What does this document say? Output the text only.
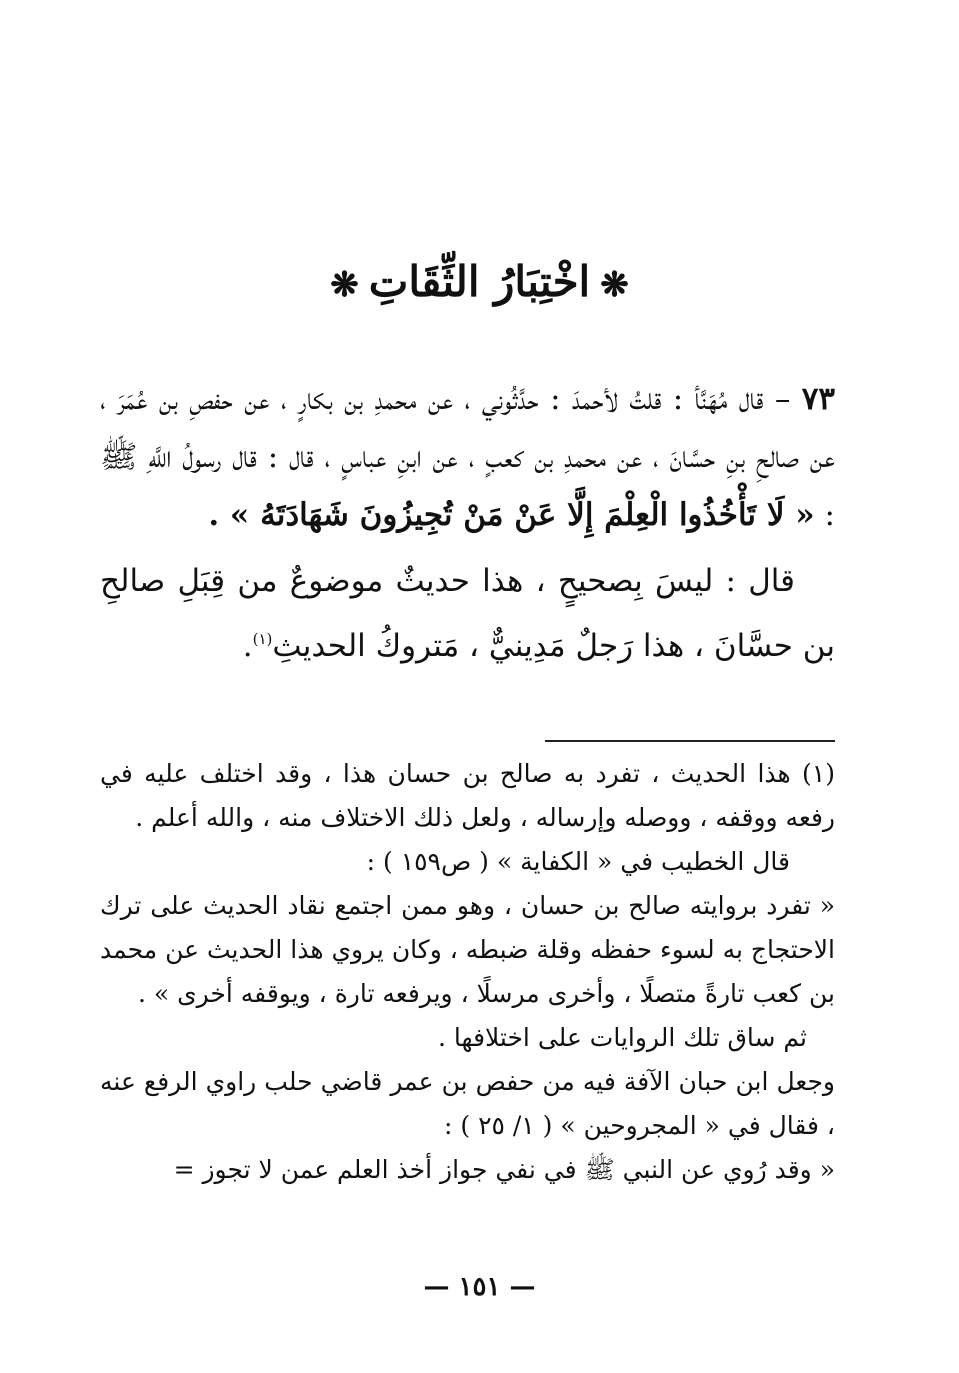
❋اخْتِبَارُ الثِّقَاتِ❋

٧٣ – قال مُهَنَّأ : قلتُ لأحمدَ : حدَّثُوني ، عن محمدِ بن بكارٍ ، عن حفصِ بن عُمَرَ ، عن صالحِ بنِ حسَّانَ ، عن محمدِ بن كعبٍ ، عن ابنِ عباسٍ ، قال : قال رسولُ اللَّهِ ﷺ : « لَا تَأْخُذُوا الْعِلْمَ إِلَّا عَنْ مَنْ تُجِيزُونَ شَهَادَتَهُ » .

قال : ليسَ بِصحيحٍ ، هذا حديثٌ موضوعٌ من قِبَلِ صالحِ بن حسَّانَ ، هذا رَجلٌ مَدِينيٌّ ، مَتروكُ الحديثِ$^{(١)}$.

(١) هذا الحديث ، تفرد به صالح بن حسان هذا ، وقد اختلف عليه في رفعه ووقفه ، ووصله وإرساله ، ولعل ذلك الاختلاف منه ، والله أعلم .

قال الخطيب في « الكفاية » ( ص١٥٩ ) :

« تفرد بروايته صالح بن حسان ، وهو ممن اجتمع نقاد الحديث على ترك الاحتجاج به لسوء حفظه وقلة ضبطه ، وكان يروي هذا الحديث عن محمد بن كعب تارةً متصلًا ، وأخرى مرسلًا ، ويرفعه تارة ، ويوقفه أخرى » .

ثم ساق تلك الروايات على اختلافها .

وجعل ابن حبان الآفة فيه من حفص بن عمر قاضي حلب راوي الرفع عنه ، فقال في « المجروحين » ( ١/ ٢٥ ) :

« وقد رُوي عن النبي ﷺ في نفي جواز أخذ العلم عمن لا تجوز =

— ١٥١ —
